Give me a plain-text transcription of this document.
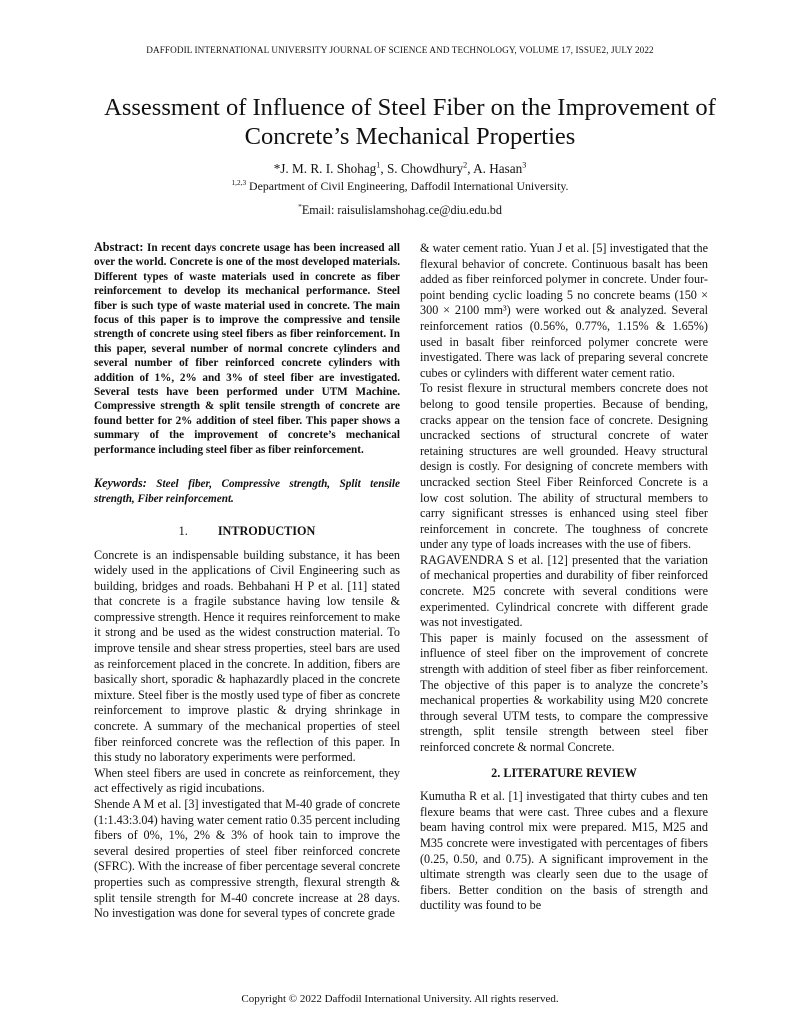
DAFFODIL INTERNATIONAL UNIVERSITY JOURNAL OF SCIENCE AND TECHNOLOGY, VOLUME 17, ISSUE2, JULY 2022
Assessment of Influence of Steel Fiber on the Improvement of Concrete’s Mechanical Properties
*J. M. R. I. Shohag$^1$, S. Chowdhury$^2$, A. Hasan$^3$
$^{1,2,3}$ Department of Civil Engineering, Daffodil International University.
*Email: raisulislamshohag.ce@diu.edu.bd

Abstract: In recent days concrete usage has been increased all over the world. Concrete is one of the most developed materials. Different types of waste materials used in concrete as fiber reinforcement to develop its mechanical performance. Steel fiber is such type of waste material used in concrete. The main focus of this paper is to improve the compressive and tensile strength of concrete using steel fibers as fiber reinforcement. In this paper, several number of normal concrete cylinders and several number of fiber reinforced concrete cylinders with addition of 1%, 2% and 3% of steel fiber are investigated. Several tests have been performed under UTM Machine. Compressive strength & split tensile strength of concrete are found better for 2% addition of steel fiber. This paper shows a summary of the improvement of concrete’s mechanical performance including steel fiber as fiber reinforcement.

Keywords: Steel fiber, Compressive strength, Split tensile strength, Fiber reinforcement.

1. INTRODUCTION

Concrete is an indispensable building substance, it has been widely used in the applications of Civil Engineering such as building, bridges and roads. Behbahani H P et al. [11] stated that concrete is a fragile substance having low tensile & compressive strength. Hence it requires reinforcement to make it strong and be used as the widest construction material. To improve tensile and shear stress properties, steel bars are used as reinforcement placed in the concrete. In addition, fibers are basically short, sporadic & haphazardly placed in the concrete mixture. Steel fiber is the mostly used type of fiber as concrete reinforcement to improve plastic & drying shrinkage in concrete. A summary of the mechanical properties of steel fiber reinforced concrete was the reflection of this paper. In this study no laboratory experiments were performed.

When steel fibers are used in concrete as reinforcement, they act effectively as rigid incubations.

Shende A M et al. [3] investigated that M-40 grade of concrete (1:1.43:3.04) having water cement ratio 0.35 percent including fibers of 0%, 1%, 2% & 3% of hook tain to improve the several desired properties of steel fiber reinforced concrete (SFRC). With the increase of fiber percentage several concrete properties such as compressive strength, flexural strength & split tensile strength for M-40 concrete increase at 28 days. No investigation was done for several types of concrete grade

& water cement ratio. Yuan J et al. [5] investigated that the flexural behavior of concrete. Continuous basalt has been added as fiber reinforced polymer in concrete. Under four-point bending cyclic loading 5 no concrete beams (150 × 300 × 2100 mm³) were worked out & analyzed. Several reinforcement ratios (0.56%, 0.77%, 1.15% & 1.65%) used in basalt fiber reinforced polymer concrete were investigated. There was lack of preparing several concrete cubes or cylinders with different water cement ratio.

To resist flexure in structural members concrete does not belong to good tensile properties. Because of bending, cracks appear on the tension face of concrete. Designing uncracked sections of structural concrete of water retaining structures are well grounded. Heavy structural design is costly. For designing of concrete members with uncracked section Steel Fiber Reinforced Concrete is a low cost solution. The ability of structural members to carry significant stresses is enhanced using steel fiber reinforcement in concrete. The toughness of concrete under any type of loads increases with the use of fibers.

RAGAVENDRA S et al. [12] presented that the variation of mechanical properties and durability of fiber reinforced concrete. M25 concrete with several conditions were experimented. Cylindrical concrete with different grade was not investigated.

This paper is mainly focused on the assessment of influence of steel fiber on the improvement of concrete strength with addition of steel fiber as fiber reinforcement. The objective of this paper is to analyze the concrete’s mechanical properties & workability using M20 concrete through several UTM tests, to compare the compressive strength, split tensile strength between steel fiber reinforced concrete & normal Concrete.

2. LITERATURE REVIEW

Kumutha R et al. [1] investigated that thirty cubes and ten flexure beams that were cast. Three cubes and a flexure beam having control mix were prepared. M15, M25 and M35 concrete were investigated with percentages of fibers (0.25, 0.50, and 0.75). A significant improvement in the ultimate strength was clearly seen due to the usage of fibers. Better condition on the basis of strength and ductility was found to be

Copyright © 2022 Daffodil International University. All rights reserved.
